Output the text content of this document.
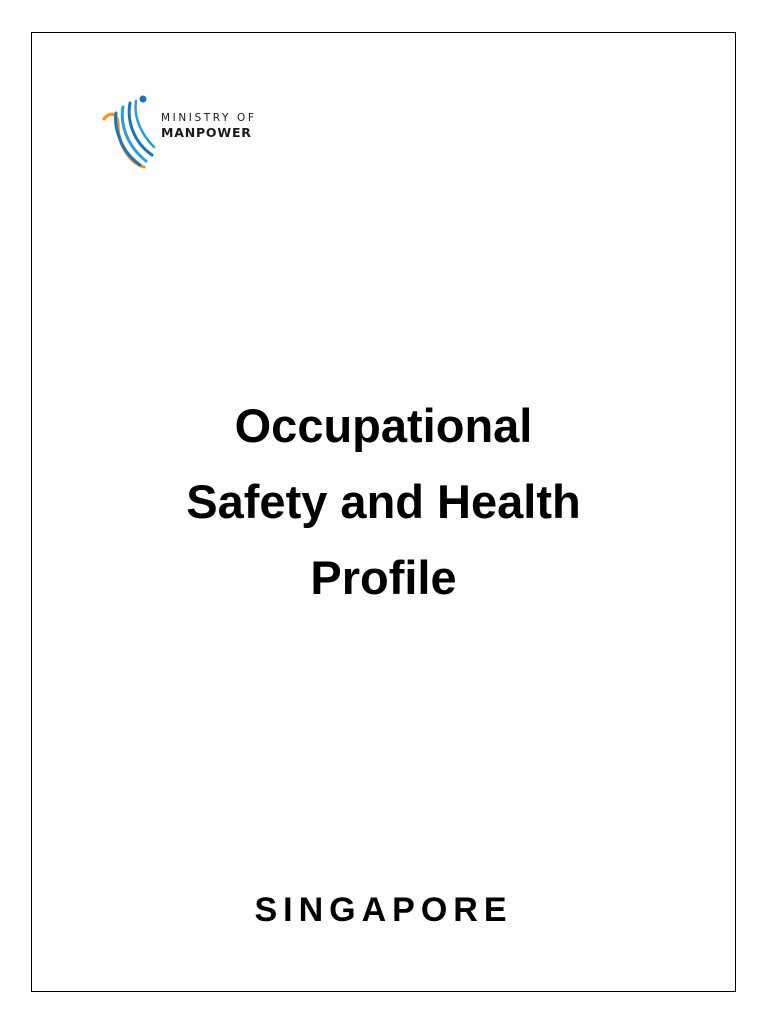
MINISTRY OF
MANPOWER
Occupational
Safety and Health
Profile
SINGAPORE
